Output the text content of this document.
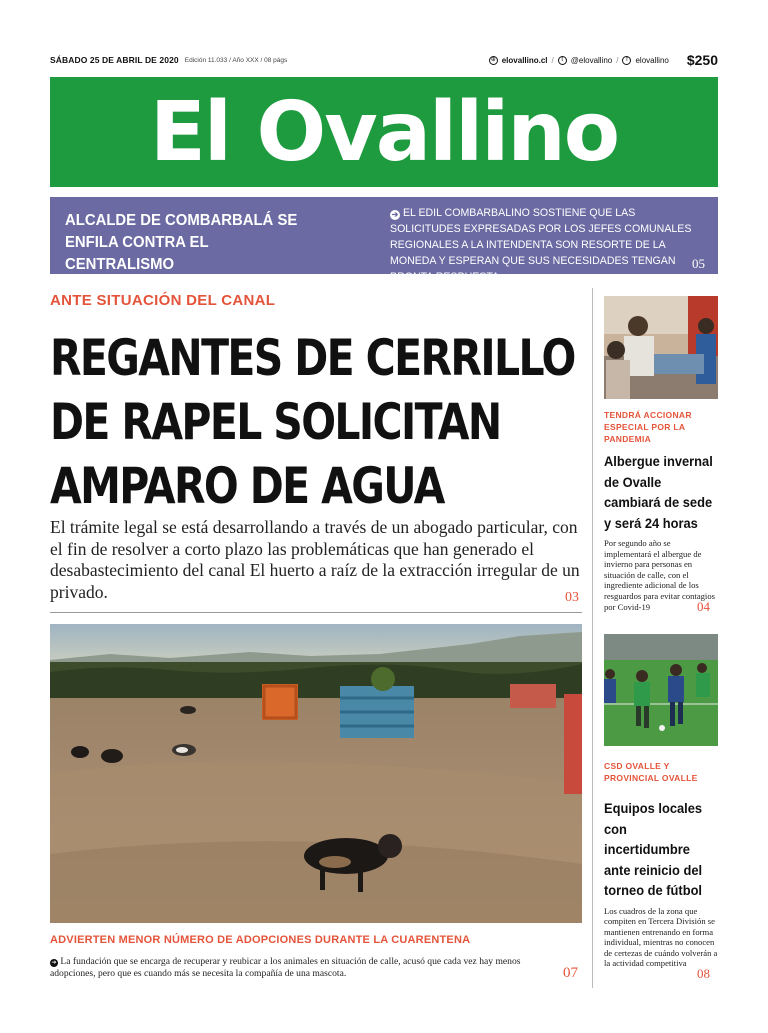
SÁBADO 25 DE ABRIL DE 2020 Edición 11.033 / Año XXX / 08 págs	⊕ elovallino.cl /	t @elovallino /	f elovallino $250
El Ovallino
ALCALDE DE COMBARBALÁ SE
ENFILA CONTRA EL CENTRALISMO
➔ EL EDIL COMBARBALINO SOSTIENE QUE LAS SOLICITUDES EXPRESADAS POR LOS JEFES COMUNALES REGIONALES A LA INTENDENTA SON RESORTE DE LA MONEDA Y ESPERAN QUE SUS NECESIDADES TENGAN PRONTA RESPUESTA.
05
ANTE SITUACIÓN DEL CANAL
REGANTES DE CERRILLO
DE RAPEL SOLICITAN
AMPARO DE AGUA
El trámite legal se está desarrollando a través de un abogado particular, con el fin de resolver a corto plazo las problemáticas que han generado el desabastecimiento del canal El huerto a raíz de la extracción irregular de un privado.	03
ADVIERTEN MENOR NÚMERO DE ADOPCIONES DURANTE LA CUARENTENA
➔ La fundación que se encarga de recuperar y reubicar a los animales en situación de calle, acusó que cada vez hay menos adopciones, pero que es cuando más se necesita la compañía de una mascota.	07
TENDRÁ ACCIONAR ESPECIAL POR LA PANDEMIA
Albergue invernal de Ovalle cambiará de sede y será 24 horas
Por segundo año se implementará el albergue de invierno para personas en situación de calle, con el ingrediente adicional de los resguardos para evitar contagios por Covid-19	04
CSD OVALLE Y PROVINCIAL OVALLE
Equipos locales con incertidumbre ante reinicio del torneo de fútbol
Los cuadros de la zona que compiten en Tercera División se mantienen entrenando en forma individual, mientras no conocen de certezas de cuándo volverán a la actividad competitiva
08
